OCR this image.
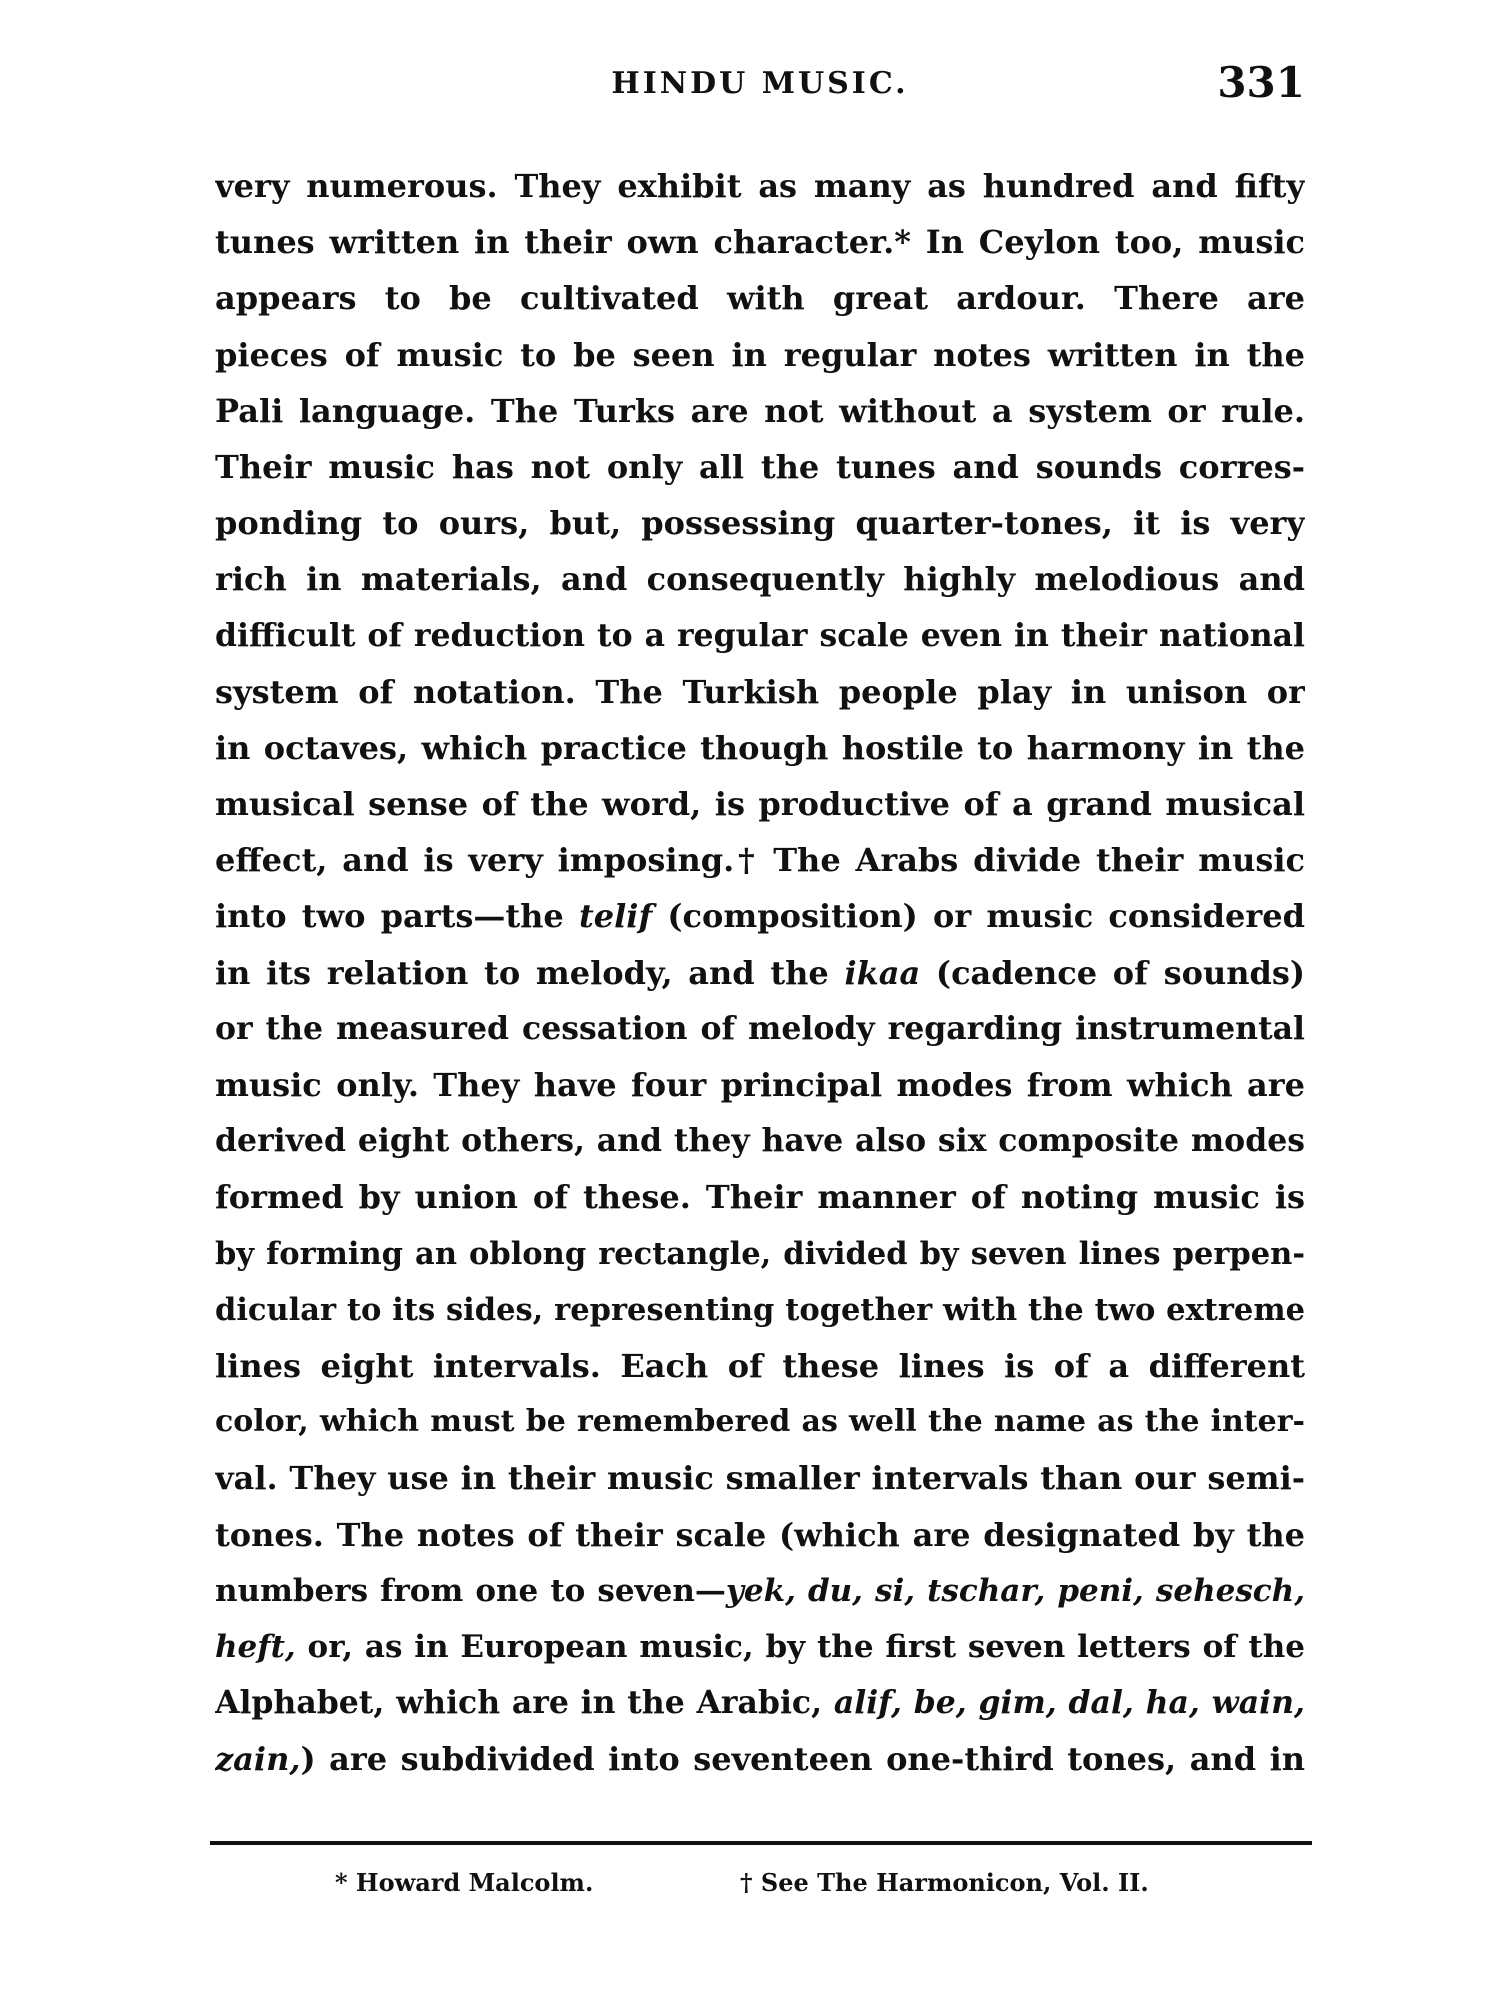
HINDU MUSIC.	331
very numerous. They exhibit as many as hundred and fifty
tunes written in their own character.* In Ceylon too, music
appears to be cultivated with great ardour. There are
pieces of music to be seen in regular notes written in the
Pali language. The Turks are not without a system or rule.
Their music has not only all the tunes and sounds corres-
ponding to ours, but, possessing quarter-tones, it is very
rich in materials, and consequently highly melodious and
difficult of reduction to a regular scale even in their national
system of notation. The Turkish people play in unison or
in octaves, which practice though hostile to harmony in the
musical sense of the word, is productive of a grand musical
effect, and is very imposing.† The Arabs divide their music
into two parts—the telif (composition) or music considered
in its relation to melody, and the ikaa (cadence of sounds)
or the measured cessation of melody regarding instrumental
music only. They have four principal modes from which are
derived eight others, and they have also six composite modes
formed by union of these. Their manner of noting music is
by forming an oblong rectangle, divided by seven lines perpen-
dicular to its sides, representing together with the two extreme
lines eight intervals. Each of these lines is of a different
color, which must be remembered as well the name as the inter-
val. They use in their music smaller intervals than our semi-
tones. The notes of their scale (which are designated by the
numbers from one to seven—yek, du, si, tschar, peni, sehesch,
heft, or, as in European music, by the first seven letters of the
Alphabet, which are in the Arabic, alif, be, gim, dal, ha, wain,
zain,) are subdivided into seventeen one-third tones, and in
* Howard Malcolm.	† See The Harmonicon, Vol. II.
